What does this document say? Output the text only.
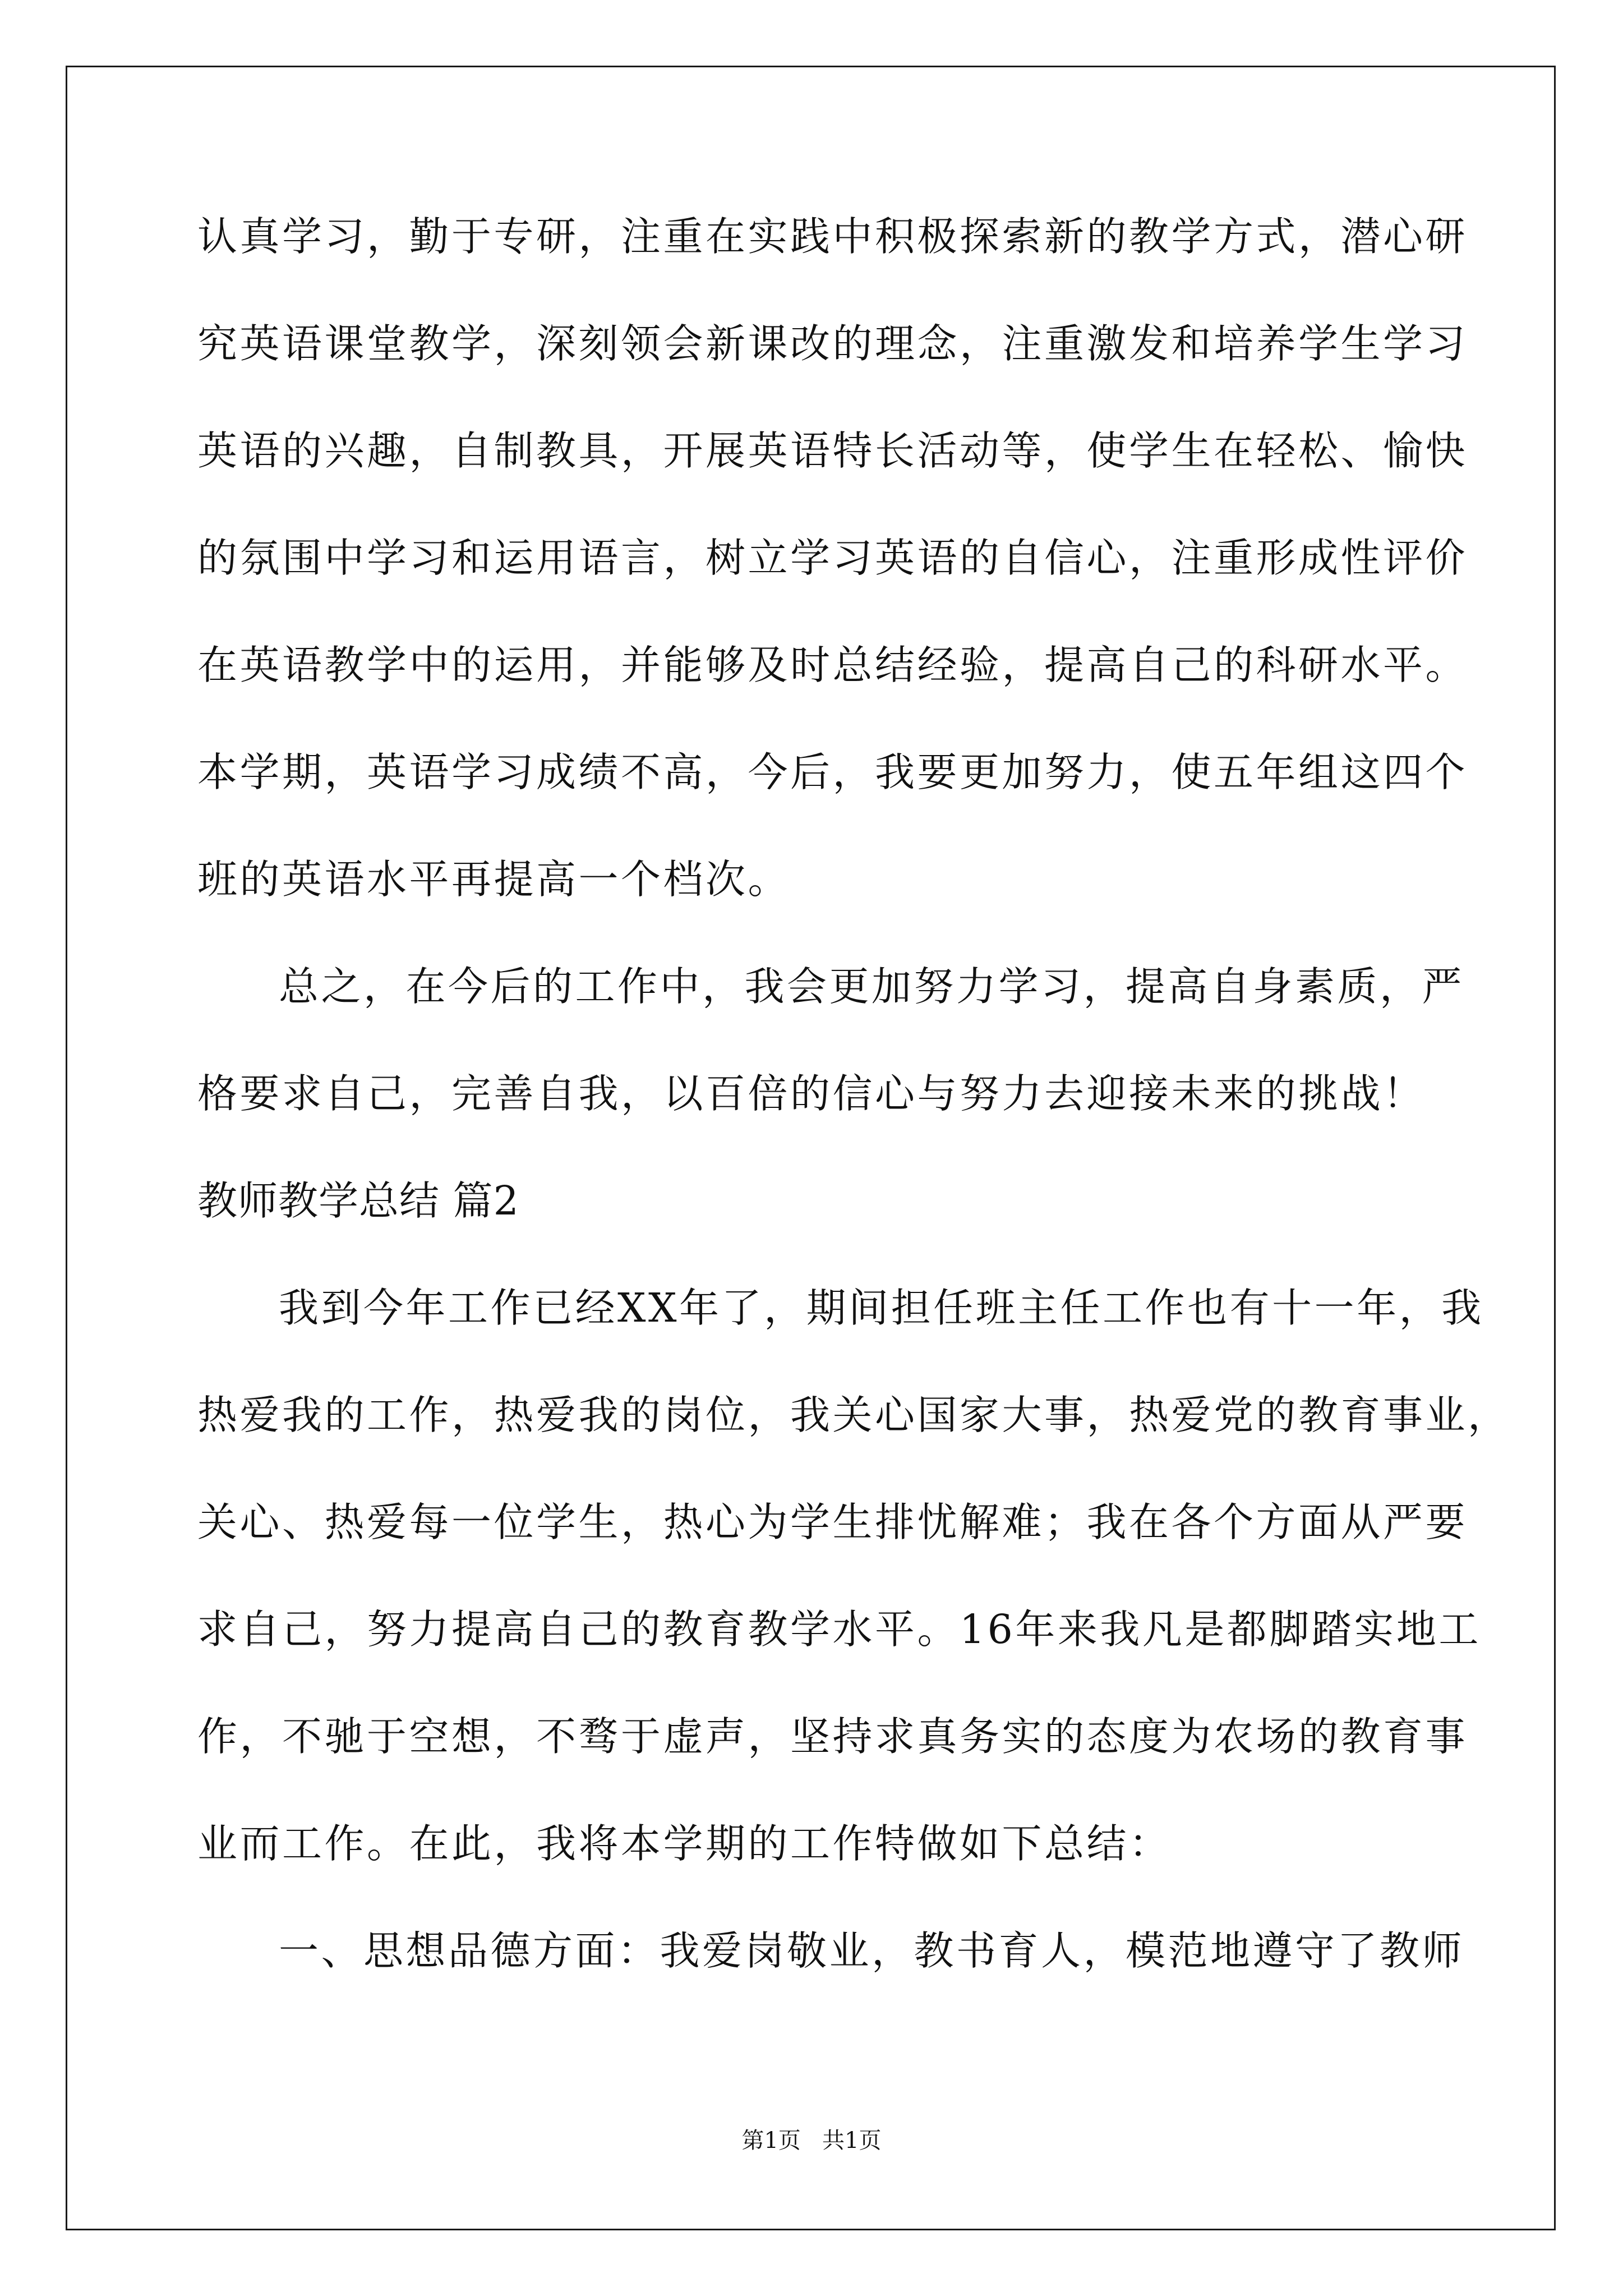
认真学习，勤于专研，注重在实践中积极探索新的教学方式，潜心研
究英语课堂教学，深刻领会新课改的理念，注重激发和培养学生学习
英语的兴趣，自制教具，开展英语特长活动等，使学生在轻松、愉快
的氛围中学习和运用语言，树立学习英语的自信心，注重形成性评价
在英语教学中的运用，并能够及时总结经验，提高自己的科研水平。
本学期，英语学习成绩不高，今后，我要更加努力，使五年组这四个
班的英语水平再提高一个档次。
总之，在今后的工作中，我会更加努力学习，提高自身素质，严
格要求自己，完善自我，以百倍的信心与努力去迎接未来的挑战！
教师教学总结 篇2
我到今年工作已经XX年了，期间担任班主任工作也有十一年，我
热爱我的工作，热爱我的岗位，我关心国家大事，热爱党的教育事业，
关心、热爱每一位学生，热心为学生排忧解难；我在各个方面从严要
求自己，努力提高自己的教育教学水平。16年来我凡是都脚踏实地工
作，不驰于空想，不骛于虚声，坚持求真务实的态度为农场的教育事
业而工作。在此，我将本学期的工作特做如下总结：
一、思想品德方面：我爱岗敬业，教书育人，模范地遵守了教师
第1页   共1页
